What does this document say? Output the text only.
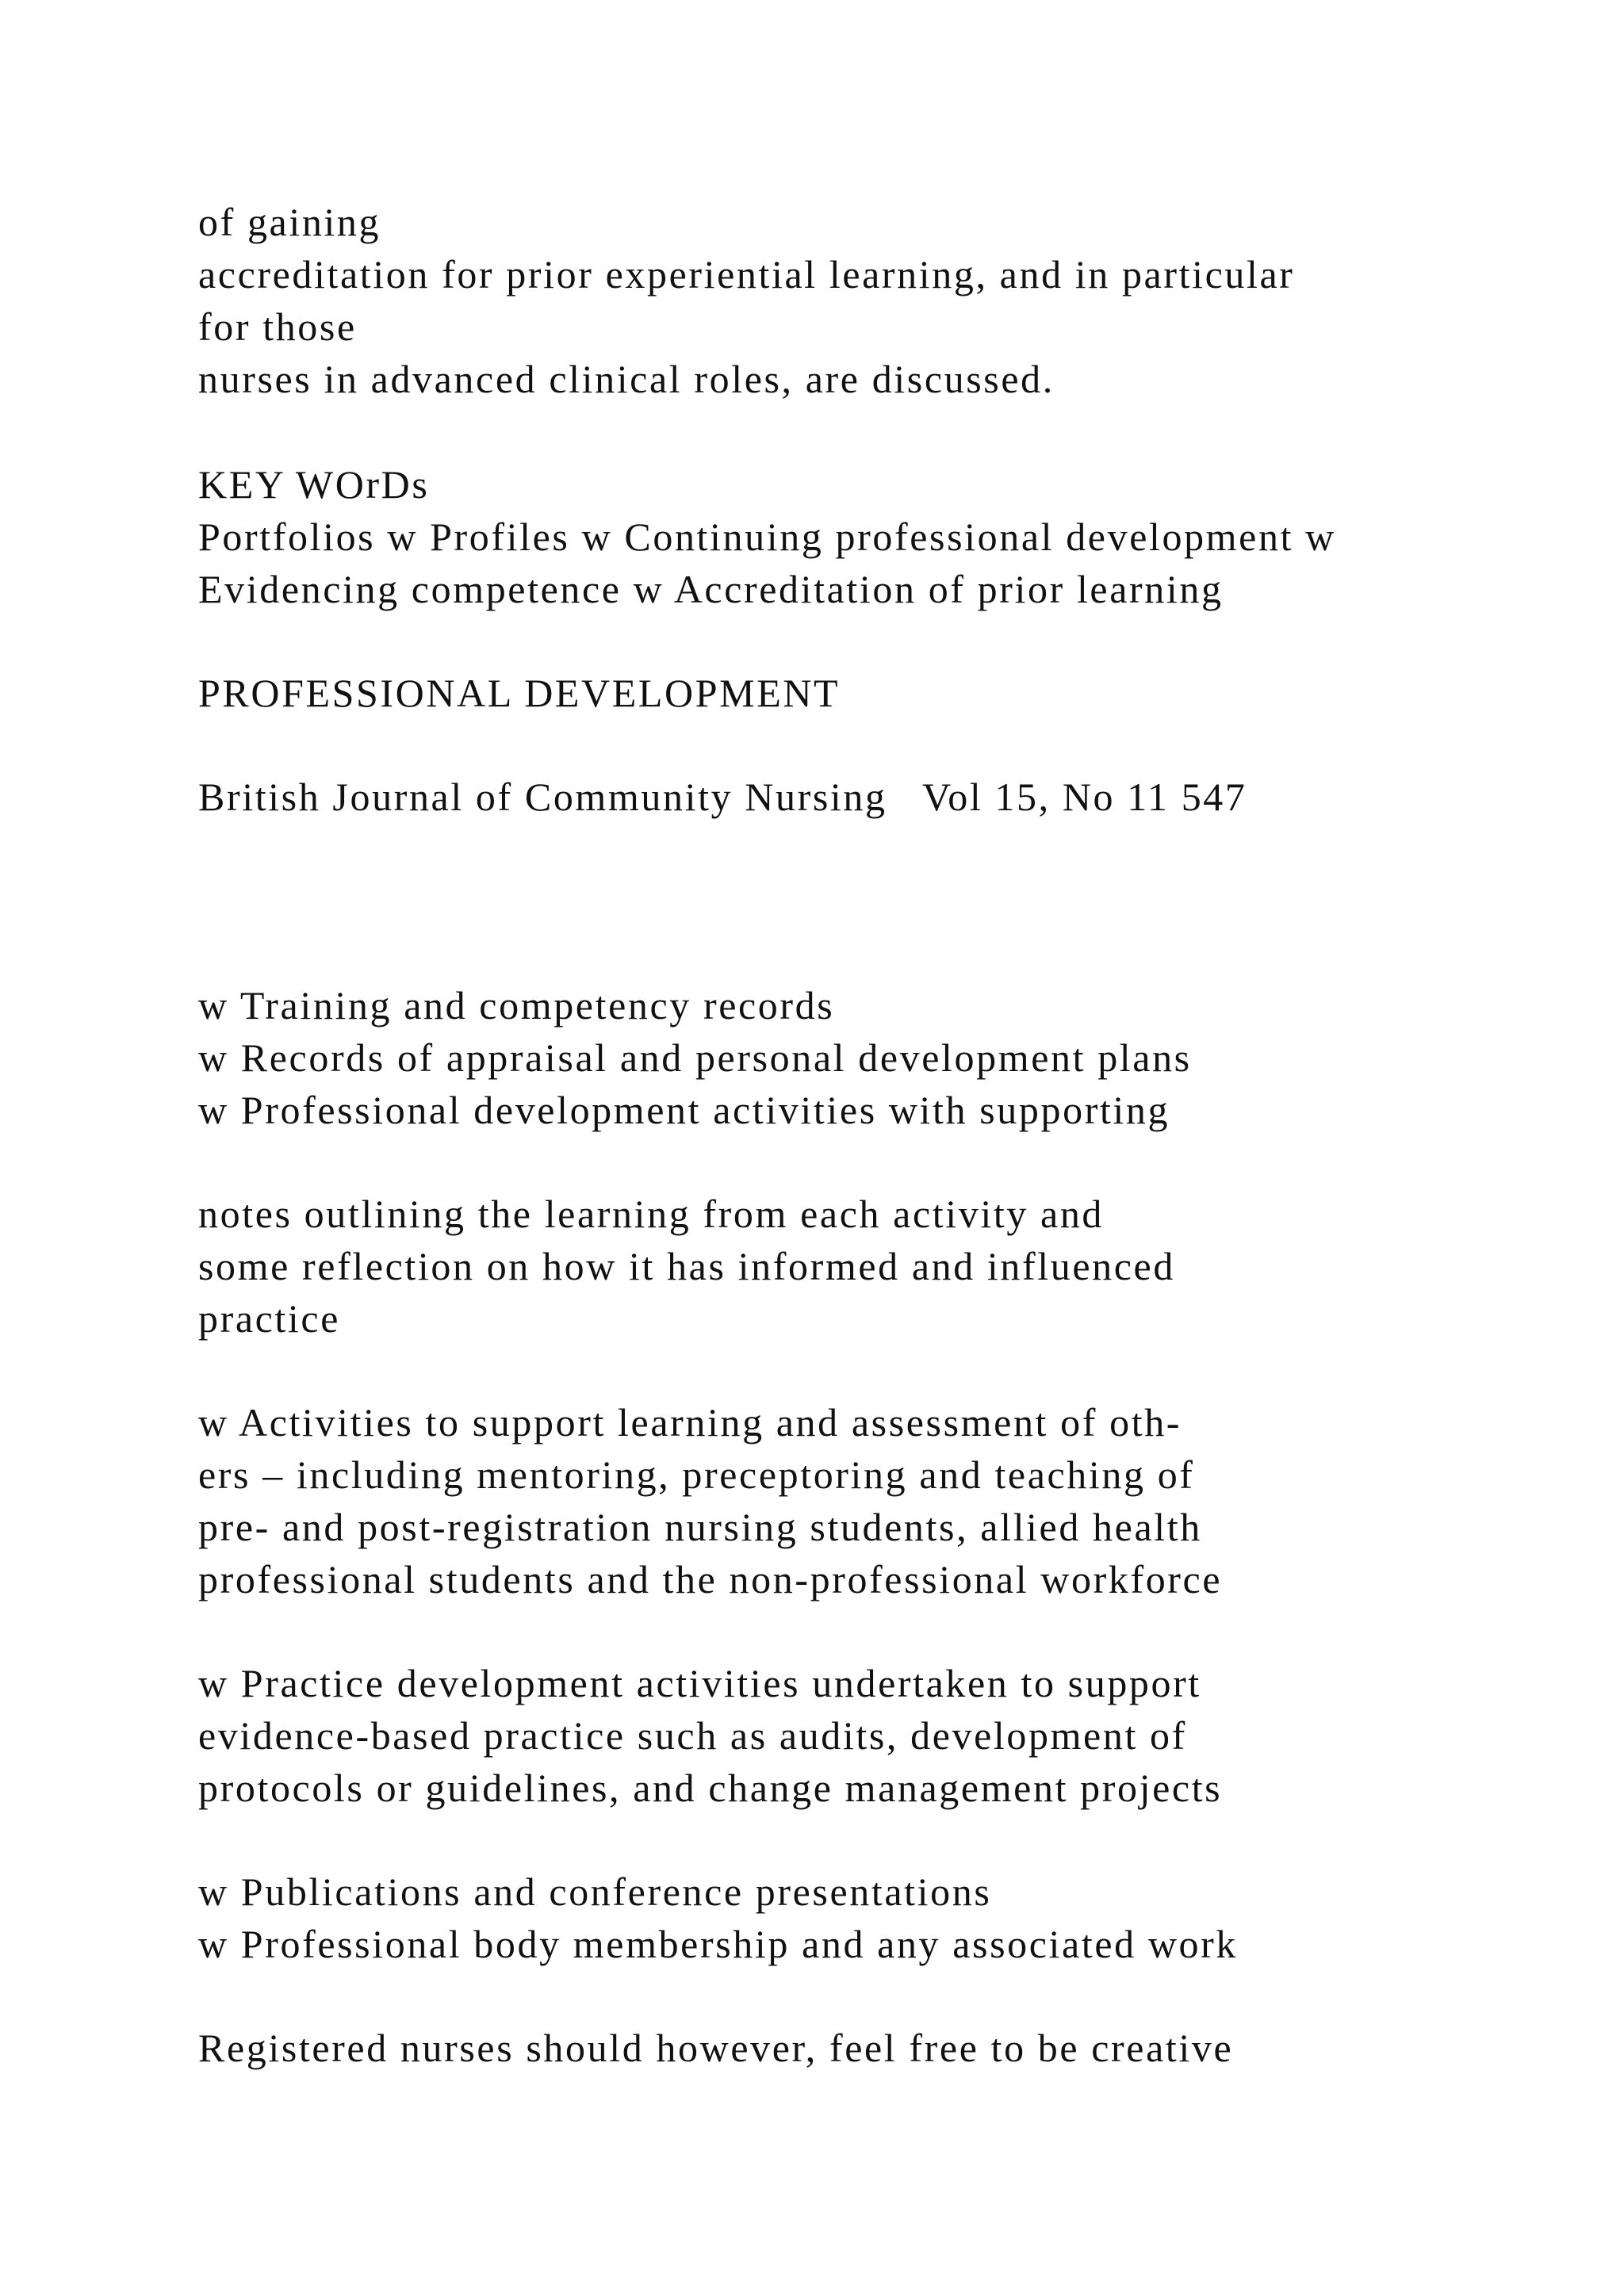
of gaining

accreditation for prior experiential learning, and in particular

for those

nurses in advanced clinical roles, are discussed.

KEY WOrDs

Portfolios w Profiles w Continuing professional development w

Evidencing competence w Accreditation of prior learning

PROFESSIONAL DEVELOPMENT

British Journal of Community Nursing   Vol 15, No 11 547

w Training and competency records

w Records of appraisal and personal development plans

w Professional development activities with supporting

notes outlining the learning from each activity and

some reflection on how it has informed and influenced

practice

w Activities to support learning and assessment of oth-

ers – including mentoring, preceptoring and teaching of

pre- and post-registration nursing students, allied health

professional students and the non-professional workforce

w Practice development activities undertaken to support

evidence-based practice such as audits, development of

protocols or guidelines, and change management projects

w Publications and conference presentations

w Professional body membership and any associated work

Registered nurses should however, feel free to be creative
